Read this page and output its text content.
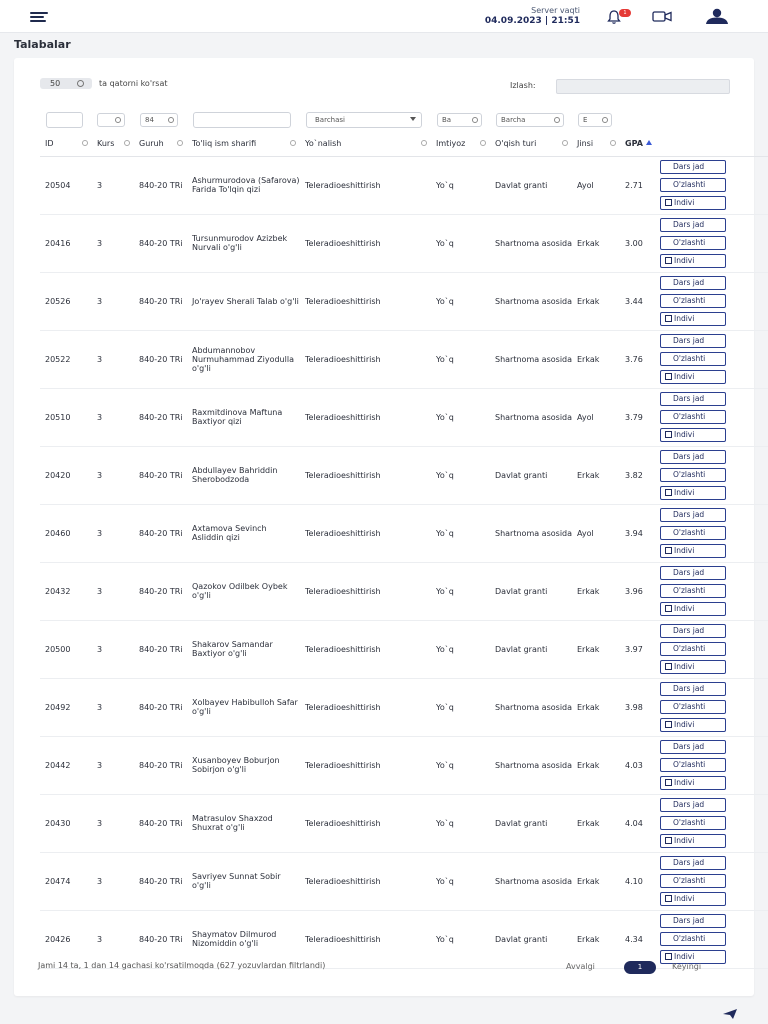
Server vaqti
04.09.2023 | 21:51
1
Talabalar
50	ta qatorni ko'rsat	Izlash:
84	Barchasi	Ba	Barcha	E
ID	Kurs	Guruh	To'liq ism sharifi	Yo`nalish	Imtiyoz	O'qish turi	Jinsi	GPA

20504	3	840-20 TRi	Ashurmurodova (Safarova) Farida To'lqin qizi	Teleradioeshittirish	Yo`q	Davlat granti	Ayol	2.71	Dars jad
O'zlashti
Indivi

20416	3	840-20 TRi	Tursunmurodov Azizbek Nurvali o'g'li	Teleradioeshittirish	Yo`q	Shartnoma asosida	Erkak	3.00	Dars jad
O'zlashti
Indivi

20526	3	840-20 TRi	Jo'rayev Sherali Talab o'g'li	Teleradioeshittirish	Yo`q	Shartnoma asosida	Erkak	3.44	Dars jad
O'zlashti
Indivi

20522	3	840-20 TRi	Abdumannobov Nurmuhammad Ziyodulla o'g'li	Teleradioeshittirish	Yo`q	Shartnoma asosida	Erkak	3.76	Dars jad
O'zlashti
Indivi

20510	3	840-20 TRi	Raxmitdinova Maftuna Baxtiyor qizi	Teleradioeshittirish	Yo`q	Shartnoma asosida	Ayol	3.79	Dars jad
O'zlashti
Indivi

20420	3	840-20 TRi	Abdullayev Bahriddin Sherobodzoda	Teleradioeshittirish	Yo`q	Davlat granti	Erkak	3.82	Dars jad
O'zlashti
Indivi

20460	3	840-20 TRi	Axtamova Sevinch Asliddin qizi	Teleradioeshittirish	Yo`q	Shartnoma asosida	Ayol	3.94	Dars jad
O'zlashti
Indivi

20432	3	840-20 TRi	Qazokov Odilbek Oybek o'g'li	Teleradioeshittirish	Yo`q	Davlat granti	Erkak	3.96	Dars jad
O'zlashti
Indivi

20500	3	840-20 TRi	Shakarov Samandar Baxtiyor o'g'li	Teleradioeshittirish	Yo`q	Davlat granti	Erkak	3.97	Dars jad
O'zlashti
Indivi

20492	3	840-20 TRi	Xolbayev Habibulloh Safar o'g'li	Teleradioeshittirish	Yo`q	Shartnoma asosida	Erkak	3.98	Dars jad
O'zlashti
Indivi

20442	3	840-20 TRi	Xusanboyev Boburjon Sobirjon o'g'li	Teleradioeshittirish	Yo`q	Shartnoma asosida	Erkak	4.03	Dars jad
O'zlashti
Indivi

20430	3	840-20 TRi	Matrasulov Shaxzod Shuxrat o'g'li	Teleradioeshittirish	Yo`q	Davlat granti	Erkak	4.04	Dars jad
O'zlashti
Indivi

20474	3	840-20 TRi	Savriyev Sunnat Sobir o'g'li	Teleradioeshittirish	Yo`q	Shartnoma asosida	Erkak	4.10	Dars jad
O'zlashti
Indivi

20426	3	840-20 TRi	Shaymatov Dilmurod Nizomiddin o'g'li	Teleradioeshittirish	Yo`q	Davlat granti	Erkak	4.34	Dars jad
O'zlashti
Indivi
Jami 14 ta, 1 dan 14 gachasi ko'rsatilmoqda (627 yozuvlardan filtrlandi)	Avvalgi	1	Keyingi
